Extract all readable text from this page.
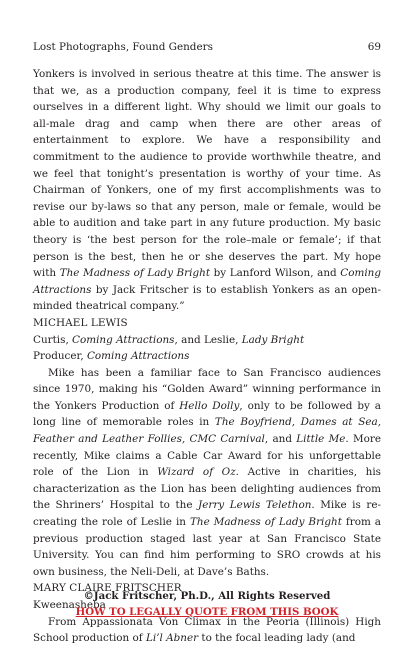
Lost Photographs, Found Genders	69

Yonkers is involved in serious theatre at this time. The answer is that we, as a production company, feel it is time to express ourselves in a different light. Why should we limit our goals to all-male drag and camp when there are other areas of entertainment to explore. We have a responsibility and commitment to the audience to provide worthwhile theatre, and we feel that tonight’s presentation is worthy of your time. As Chairman of Yonkers, one of my first accomplishments was to revise our by-laws so that any person, male or female, would be able to audition and take part in any future production. My basic theory is ‘the best person for the role–male or female’; if that person is the best, then he or she deserves the part. My hope with The Madness of Lady Bright by Lanford Wilson, and Coming Attractions by Jack Fritscher is to establish Yonkers as an open-minded theatrical company.”

MICHAEL LEWIS

Curtis, Coming Attractions, and Leslie, Lady Bright

Producer, Coming Attractions

Mike has been a familiar face to San Francisco audiences since 1970, making his “Golden Award” winning performance in the Yonkers Production of Hello Dolly, only to be followed by a long line of memorable roles in The Boyfriend, Dames at Sea, Feather and Leather Follies, CMC Carnival, and Little Me. More recently, Mike claims a Cable Car Award for his unforgettable role of the Lion in Wizard of Oz. Active in charities, his characterization as the Lion has been delighting audiences from the Shriners’ Hospital to the Jerry Lewis Telethon. Mike is re-creating the role of Leslie in The Madness of Lady Bright from a previous production staged last year at San Francisco State University. You can find him performing to SRO crowds at his own business, the Neli-Deli, at Dave’s Baths.

MARY CLAIRE FRITSCHER

Kweenasheba

From Appassionata Von Climax in the Peoria (Illinois) High School production of Li’l Abner to the focal leading lady (and

©Jack Fritscher, Ph.D., All Rights Reserved
HOW TO LEGALLY QUOTE FROM THIS BOOK
